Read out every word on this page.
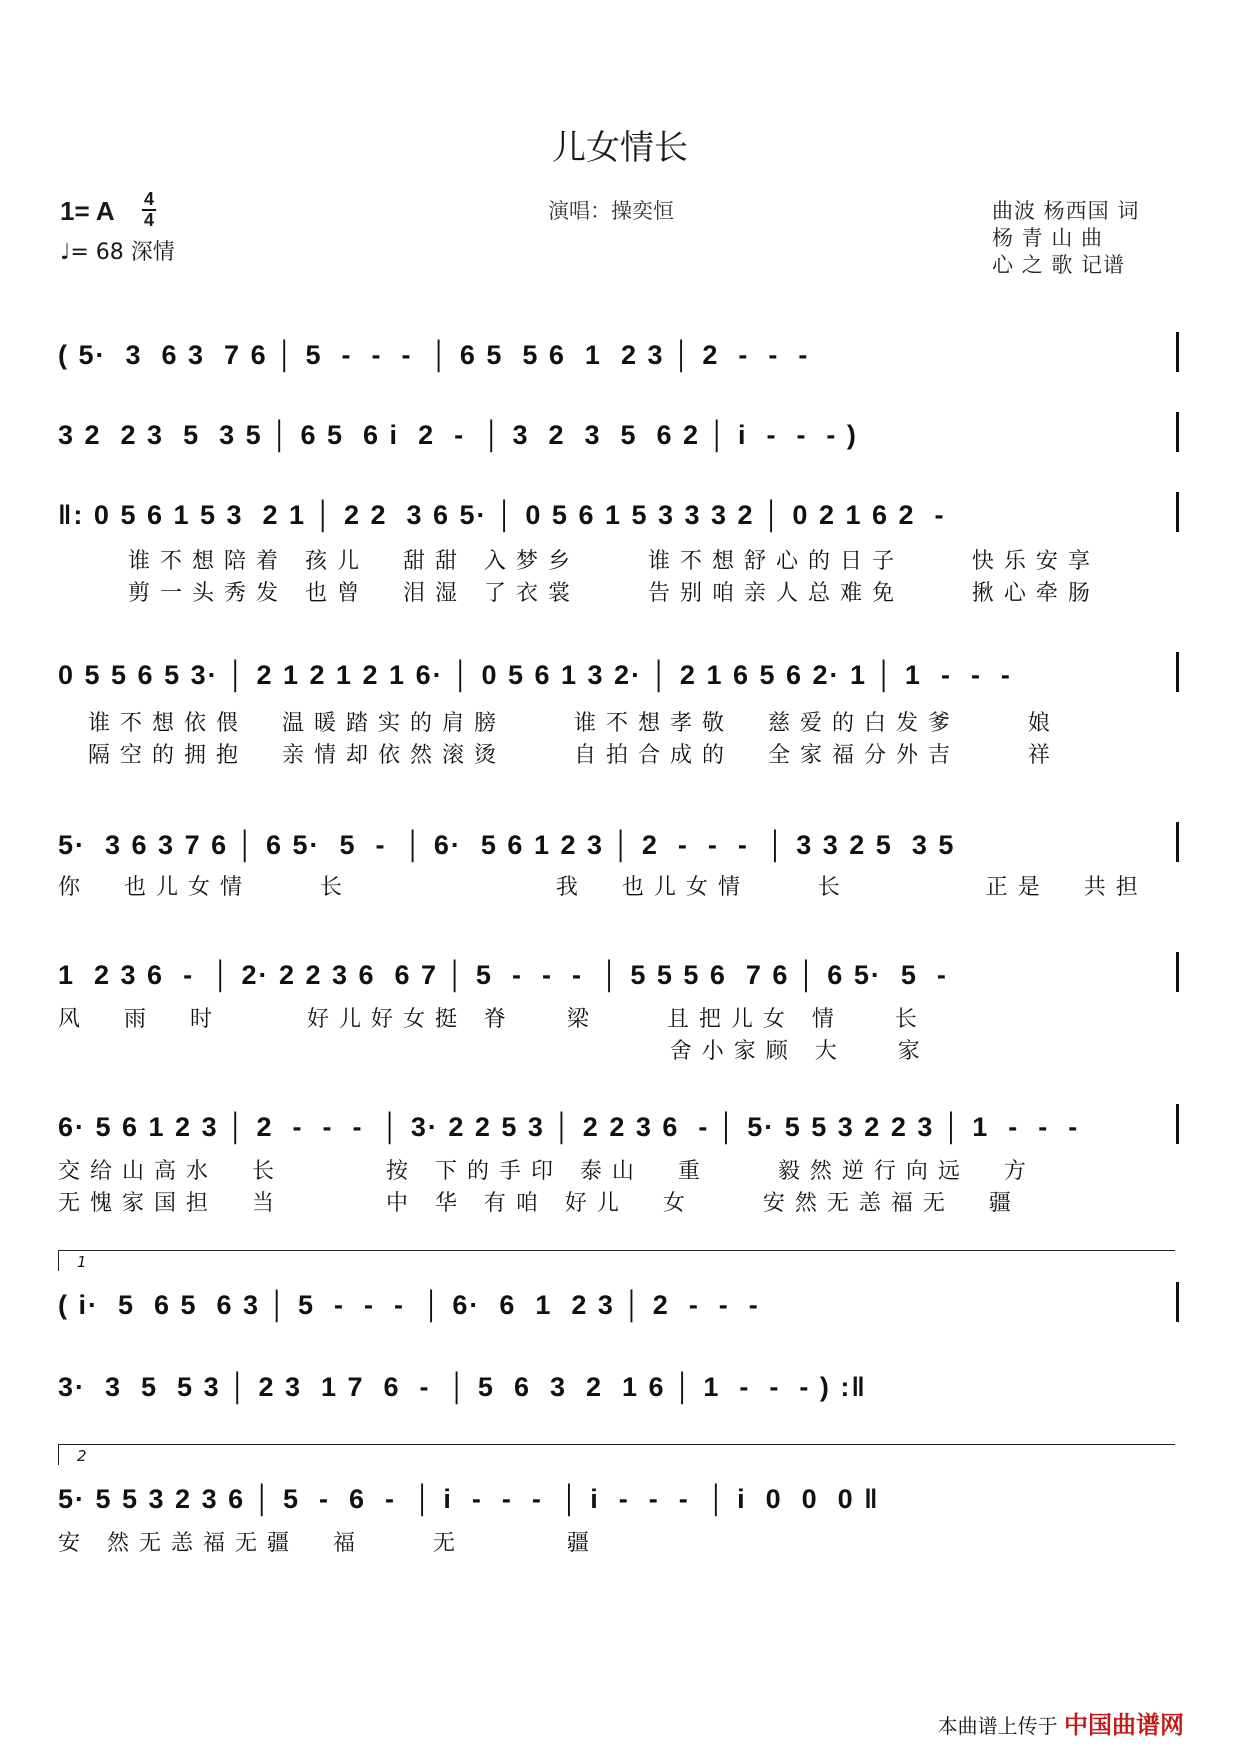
儿女情长
1= A 4
4
♩= 68 深情
演唱：操奕恒	曲波 杨西国 词
杨 青 山 曲
心 之 歌 记谱
( 5·  3  6 3  7 6 │ 5  -  -  -  │ 6 5  5 6  1  2 3 │ 2  -  -  -
3 2  2 3  5  3 5 │ 6 5  6 i  2  -  │ 3  2  3  5  6 2 │ i  -  -  - )
‖: 0 5 6 1 5 3  2 1 │ 2 2  3 6 5· │ 0 5 6 1 5 3 3 3 2 │ 0 2 1 6 2  -
谁不想陪着 孩儿  甜甜 入梦乡    谁不想舒心的日子    快乐安享
剪一头秀发 也曾  泪湿 了衣裳    告别咱亲人总难免    揪心牵肠
0 5 5 6 5 3· │ 2 1 2 1 2 1 6· │ 0 5 6 1 3 2· │ 2 1 6 5 6 2· 1 │ 1  -  -  -
谁不想依偎  温暖踏实的肩膀    谁不想孝敬  慈爱的白发爹    娘
隔空的拥抱  亲情却依然滚烫    自拍合成的  全家福分外吉    祥
5·  3 6 3 7 6 │ 6 5·  5  -  │ 6·  5 6 1 2 3 │ 2  -  -  -  │ 3 3 2 5  3 5
你  也儿女情    长            我  也儿女情    长        正是  共担
1  2 3 6  -  │ 2· 2 2 3 6  6 7 │ 5  -  -  -  │ 5 5 5 6  7 6 │ 6 5·  5  -
风  雨  时     好儿好女挺 脊   梁    且把儿女 情   长
舍小家顾 大   家
6· 5 6 1 2 3 │ 2  -  -  -  │ 3· 2 2 5 3 │ 2 2 3 6  - │ 5· 5 5 3 2 2 3 │ 1  -  -  -
交给山高水  长      按 下的手印 泰山  重    毅然逆行向远  方
无愧家国担  当      中 华 有咱 好儿  女    安然无恙福无  疆
1
( i·  5  6 5  6 3 │ 5  -  -  -  │ 6·  6  1  2 3 │ 2  -  -  -
3·  3  5  5 3 │ 2 3  1 7  6  -  │ 5  6  3  2  1 6 │ 1  -  -  - ) :‖
2
5· 5 5 3 2 3 6 │ 5  -  6  -  │ i  -  -  -  │ i  -  -  -  │ i  0  0  0 ‖
安 然无恙福无疆  福    无      疆
本曲谱上传于 中国曲谱网
